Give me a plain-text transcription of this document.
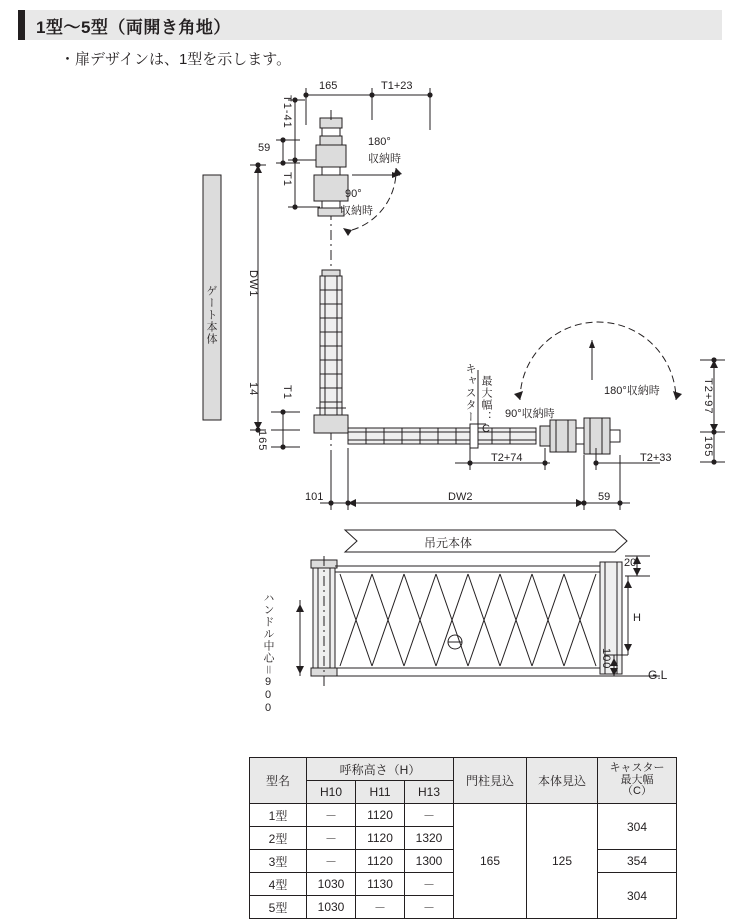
1型～5型（両開き角地）
・扉デザインは、1型を示します。
165	T1+23
T1-41
59
T1
180°
収納時
90°
収納時
DW1
ゲート本体
14 T1
165
キャスター 最大幅：C	180°収納時
90°収納時	T2+97
165
T2+74	T2+33
101	DW2	59
吊元本体
ハンドル中心＝900
20
H
100
G.L
型名	呼称高さ（H）			門柱見込	本体見込	キャスター
最大幅
（C）

	H10	H11	H13			
1型	－	1120	－	165	125	304
2型	－	1120	1320			
3型	－	1120	1300			354
4型	1030	1130	－			304
5型	1030	－	－			
